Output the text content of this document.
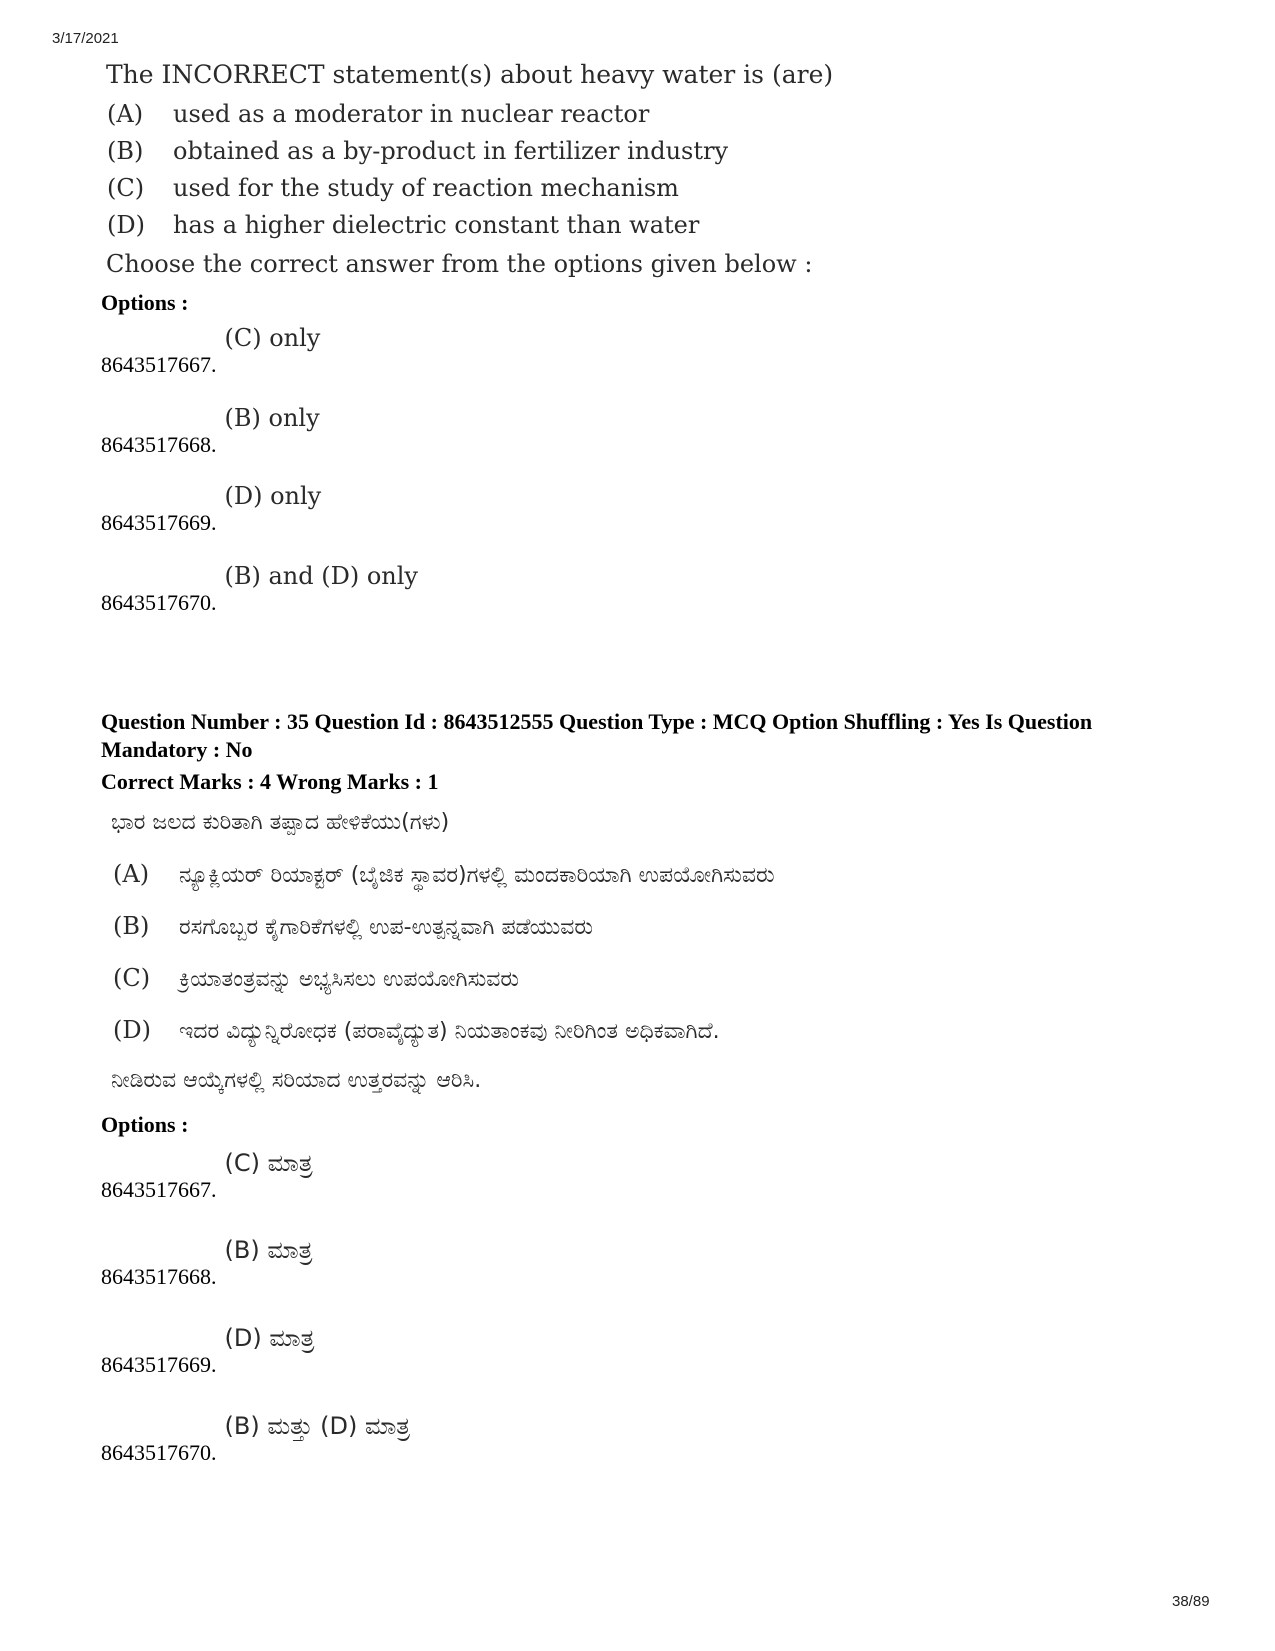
3/17/2021
The INCORRECT statement(s) about heavy water is (are)
(A) used as a moderator in nuclear reactor
(B) obtained as a by-product in fertilizer industry
(C) used for the study of reaction mechanism
(D) has a higher dielectric constant than water
Choose the correct answer from the options given below :
Options :
8643517667.(C) only
8643517668.(B) only
8643517669.(D) only
8643517670.(B) and (D) only
Question Number : 35 Question Id : 8643512555 Question Type : MCQ Option Shuffling : Yes Is Question Mandatory : No
Correct Marks : 4 Wrong Marks : 1
ಭಾರ ಜಲದ ಕುರಿತಾಗಿ ತಪ್ಪಾದ ಹೇಳಿಕೆಯು(ಗಳು)
(A) ನ್ಯೂಕ್ಲಿಯರ್ ರಿಯಾಕ್ಟರ್ (ಬೈಜಿಕ ಸ್ಥಾವರ)ಗಳಲ್ಲಿ ಮಂದಕಾರಿಯಾಗಿ ಉಪಯೋಗಿಸುವರು
(B) ರಸಗೊಬ್ಬರ ಕೈಗಾರಿಕೆಗಳಲ್ಲಿ ಉಪ-ಉತ್ಪನ್ನವಾಗಿ ಪಡೆಯುವರು
(C) ಕ್ರಿಯಾತಂತ್ರವನ್ನು ಅಭ್ಯಸಿಸಲು ಉಪಯೋಗಿಸುವರು
(D) ಇದರ ವಿದ್ಯುನ್ನಿರೋಧಕ (ಪರಾವೈದ್ಯುತ) ನಿಯತಾಂಕವು ನೀರಿಗಿಂತ ಅಧಿಕವಾಗಿದೆ.
ನೀಡಿರುವ ಆಯ್ಕೆಗಳಲ್ಲಿ ಸರಿಯಾದ ಉತ್ತರವನ್ನು ಆರಿಸಿ.
Options :
8643517667.(C) ಮಾತ್ರ
8643517668.(B) ಮಾತ್ರ
8643517669.(D) ಮಾತ್ರ
8643517670.(B) ಮತ್ತು (D) ಮಾತ್ರ
38/89
